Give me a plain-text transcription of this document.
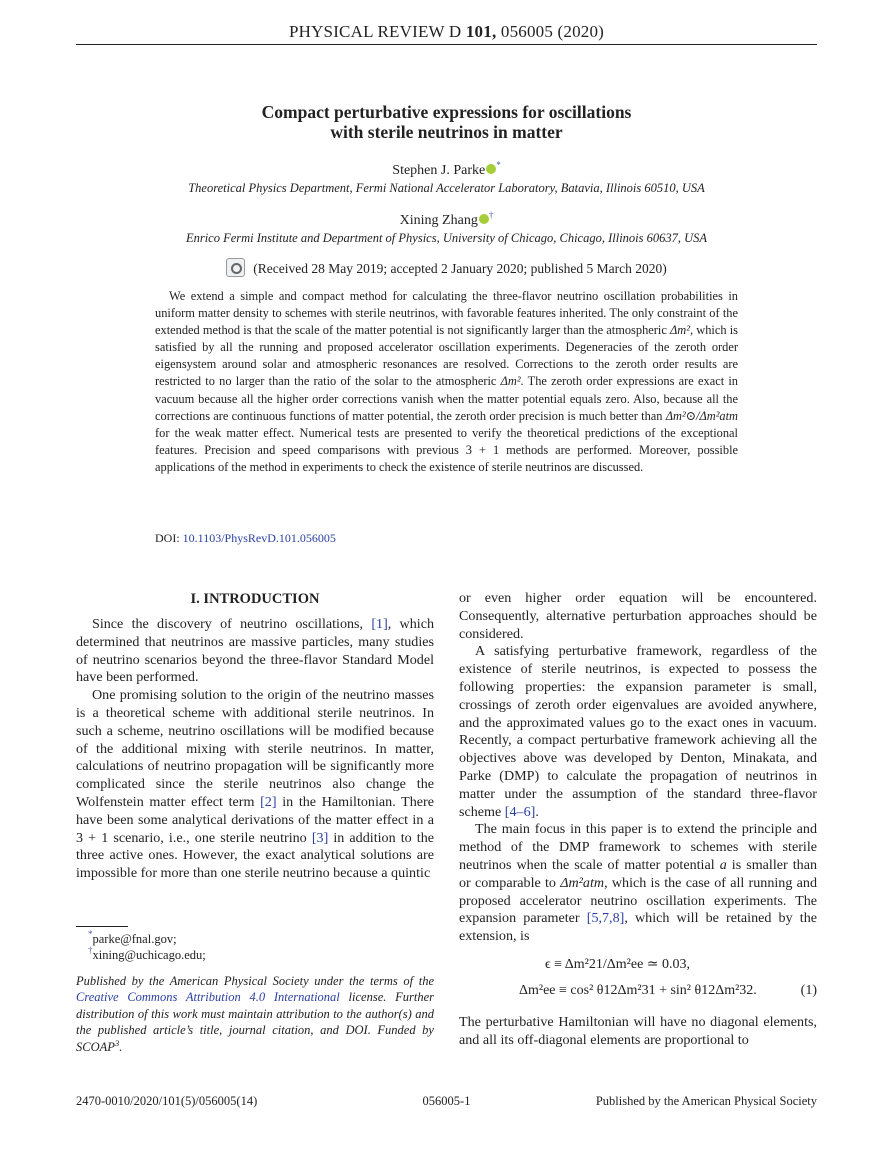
PHYSICAL REVIEW D 101, 056005 (2020)
Compact perturbative expressions for oscillations
with sterile neutrinos in matter
Stephen J. Parke *
Theoretical Physics Department, Fermi National Accelerator Laboratory, Batavia, Illinois 60510, USA
Xining Zhang †
Enrico Fermi Institute and Department of Physics, University of Chicago, Chicago, Illinois 60637, USA
(Received 28 May 2019; accepted 2 January 2020; published 5 March 2020)

We extend a simple and compact method for calculating the three-flavor neutrino oscillation probabilities in uniform matter density to schemes with sterile neutrinos, with favorable features inherited. The only constraint of the extended method is that the scale of the matter potential is not significantly larger than the atmospheric Δm², which is satisfied by all the running and proposed accelerator oscillation experiments. Degeneracies of the zeroth order eigensystem around solar and atmospheric resonances are resolved. Corrections to the zeroth order results are restricted to no larger than the ratio of the solar to the atmospheric Δm². The zeroth order expressions are exact in vacuum because all the higher order corrections vanish when the matter potential equals zero. Also, because all the corrections are continuous functions of matter potential, the zeroth order precision is much better than Δm²⊙/Δm²atm for the weak matter effect. Numerical tests are presented to verify the theoretical predictions of the exceptional features. Precision and speed comparisons with previous 3 + 1 methods are performed. Moreover, possible applications of the method in experiments to check the existence of sterile neutrinos are discussed.

DOI: 10.1103/PhysRevD.101.056005
I. INTRODUCTION

Since the discovery of neutrino oscillations, [1], which determined that neutrinos are massive particles, many studies of neutrino scenarios beyond the three-flavor Standard Model have been performed.

One promising solution to the origin of the neutrino masses is a theoretical scheme with additional sterile neutrinos. In such a scheme, neutrino oscillations will be modified because of the additional mixing with sterile neutrinos. In matter, calculations of neutrino propagation will be significantly more complicated since the sterile neutrinos also change the Wolfenstein matter effect term [2] in the Hamiltonian. There have been some analytical derivations of the matter effect in a 3 + 1 scenario, i.e., one sterile neutrino [3] in addition to the three active ones. However, the exact analytical solutions are impossible for more than one sterile neutrino because a quintic

*parke@fnal.gov;
†xining@uchicago.edu;

Published by the American Physical Society under the terms of the Creative Commons Attribution 4.0 International license. Further distribution of this work must maintain attribution to the author(s) and the published article’s title, journal citation, and DOI. Funded by SCOAP$^3$.

or even higher order equation will be encountered. Consequently, alternative perturbation approaches should be considered.

A satisfying perturbative framework, regardless of the existence of sterile neutrinos, is expected to possess the following properties: the expansion parameter is small, crossings of zeroth order eigenvalues are avoided anywhere, and the approximated values go to the exact ones in vacuum. Recently, a compact perturbative framework achieving all the objectives above was developed by Denton, Minakata, and Parke (DMP) to calculate the propagation of neutrinos in matter under the assumption of the standard three-flavor scheme [4–6].

The main focus in this paper is to extend the principle and method of the DMP framework to schemes with sterile neutrinos when the scale of matter potential a is smaller than or comparable to Δm²atm, which is the case of all running and proposed accelerator neutrino oscillation experiments. The expansion parameter [5,7,8], which will be retained by the extension, is

ϵ ≡ Δm²21/Δm²ee ≃ 0.03,
Δm²ee ≡ cos² θ12Δm²31 + sin² θ12Δm²32.	(1)

The perturbative Hamiltonian will have no diagonal elements, and all its off-diagonal elements are proportional to

2470-0010/2020/101(5)/056005(14)	056005-1	Published by the American Physical Society
